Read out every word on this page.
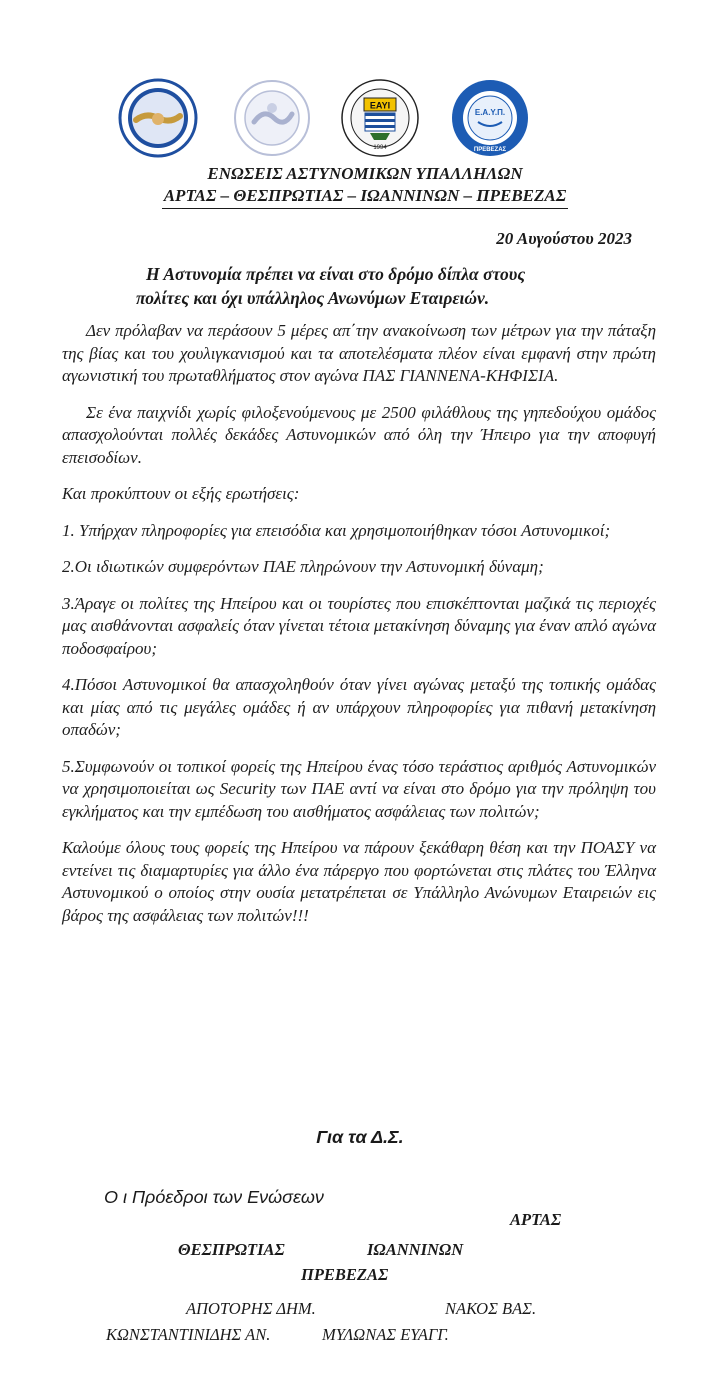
ΕΑΥΙ
1994
Ε.Α.Υ.Π.
ΠΡΕΒΕΖΑΣ
ΕΝΩΣΕΙΣ ΑΣΤΥΝΟΜΙΚΩΝ ΥΠΑΛΛΗΛΩΝ
ΑΡΤΑΣ – ΘΕΣΠΡΩΤΙΑΣ – ΙΩΑΝΝΙΝΩΝ – ΠΡΕΒΕΖΑΣ
20 Αυγούστου 2023
Η Αστυνομία πρέπει να είναι στο δρόμο δίπλα στους
πολίτες και όχι υπάλληλος Ανωνύμων Εταιρειών.

Δεν πρόλαβαν να περάσουν 5 μέρες απ΄την ανακοίνωση των μέτρων για την πάταξη της βίας και του χουλιγκανισμού και τα αποτελέσματα πλέον είναι εμφανή στην πρώτη αγωνιστική του πρωταθλήματος στον αγώνα ΠΑΣ ΓΙΑΝΝΕΝΑ-ΚΗΦΙΣΙΑ.

Σε ένα παιχνίδι χωρίς φιλοξενούμενους με 2500 φιλάθλους της γηπεδούχου ομάδος απασχολούνται πολλές δεκάδες Αστυνομικών από όλη την Ήπειρο για την αποφυγή επεισοδίων.

Και προκύπτουν οι εξής ερωτήσεις:

1. Υπήρχαν πληροφορίες για επεισόδια και χρησιμοποιήθηκαν τόσοι Αστυνομικοί;

2.Οι ιδιωτικών συμφερόντων ΠΑΕ πληρώνουν την Αστυνομική δύναμη;

3.Άραγε οι πολίτες της Ηπείρου και οι τουρίστες που επισκέπτονται μαζικά τις περιοχές μας αισθάνονται ασφαλείς όταν γίνεται τέτοια μετακίνηση δύναμης για έναν απλό αγώνα ποδοσφαίρου;

4.Πόσοι Αστυνομικοί θα απασχοληθούν όταν γίνει αγώνας μεταξύ της τοπικής ομάδας και μίας από τις μεγάλες ομάδες ή αν υπάρχουν πληροφορίες για πιθανή μετακίνηση οπαδών;

5.Συμφωνούν οι τοπικοί φορείς της Ηπείρου ένας τόσο τεράστιος αριθμός Αστυνομικών να χρησιμοποιείται ως Security των ΠΑΕ αντί να είναι στο δρόμο για την πρόληψη του εγκλήματος και την εμπέδωση του αισθήματος ασφάλειας των πολιτών;

Καλούμε όλους τους φορείς της Ηπείρου να πάρουν ξεκάθαρη θέση και την ΠΟΑΣΥ να εντείνει τις διαμαρτυρίες για άλλο ένα πάρεργο που φορτώνεται στις πλάτες του Έλληνα Αστυνομικού ο οποίος στην ουσία μετατρέπεται σε Υπάλληλο Ανώνυμων Εταιρειών εις βάρος της ασφάλειας των πολιτών!!!

Για τα Δ.Σ.
Ο ι Πρόεδροι των Ενώσεων
ΑΡΤΑΣ
ΘΕΣΠΡΩΤΙΑΣ	ΙΩΑΝΝΙΝΩΝ
ΠΡΕΒΕΖΑΣ
ΑΠΟΤΟΡΗΣ ΔΗΜ.	ΝΑΚΟΣ ΒΑΣ.
ΚΩΝΣΤΑΝΤΙΝΙΔΗΣ ΑΝ.	ΜΥΛΩΝΑΣ ΕΥΑΓΓ.
